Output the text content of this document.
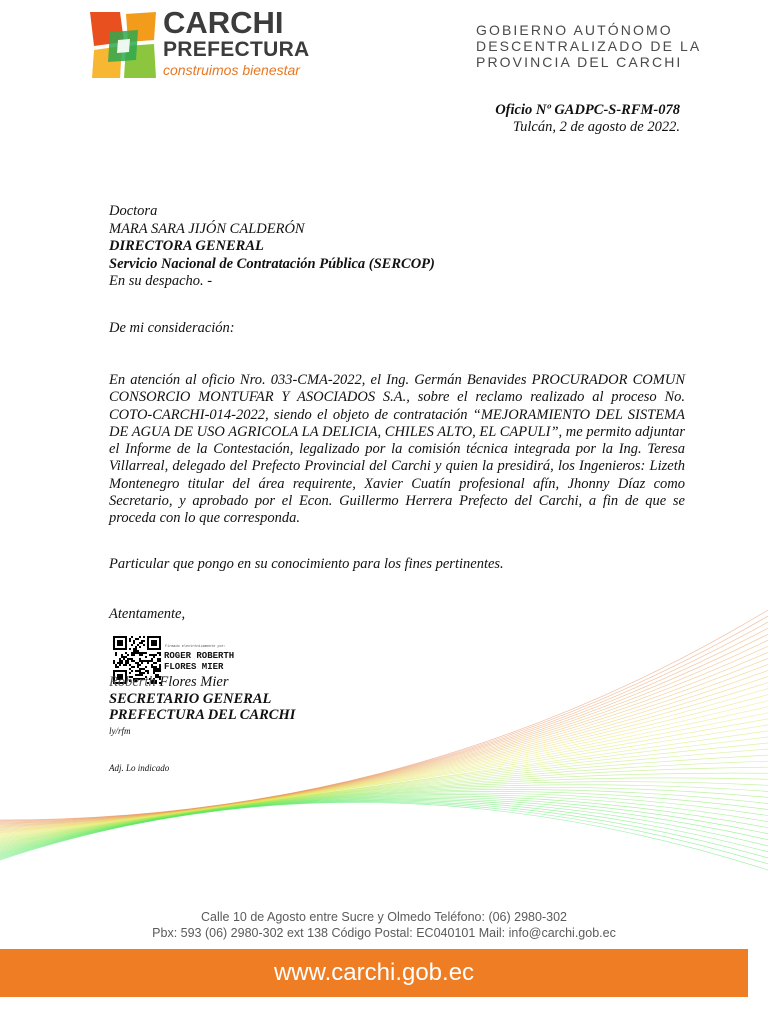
CARCHI
PREFECTURA
construimos bienestar
GOBIERNO AUTÓNOMO
DESCENTRALIZADO DE LA
PROVINCIA DEL CARCHI
Oficio Nº GADPC-S-RFM-078
Tulcán, 2 de agosto de 2022.
Doctora
MARA SARA JIJÓN CALDERÓN
DIRECTORA GENERAL
Servicio Nacional de Contratación Pública (SERCOP)
En su despacho. -
De mi consideración:
En atención al oficio Nro. 033-CMA-2022, el Ing. Germán Benavides PROCURADOR COMUN CONSORCIO MONTUFAR Y ASOCIADOS S.A., sobre el reclamo realizado al proceso No. COTO-CARCHI-014-2022, siendo el objeto de contratación “MEJORAMIENTO DEL SISTEMA DE AGUA DE USO AGRICOLA LA DELICIA, CHILES ALTO, EL CAPULI”, me permito adjuntar el Informe de la Contestación, legalizado por la comisión técnica integrada por la Ing. Teresa Villarreal, delegado del Prefecto Provincial del Carchi y quien la presidirá, los Ingenieros: Lizeth Montenegro titular del área requirente, Xavier Cuatín profesional afín, Jhonny Díaz como Secretario, y aprobado por el Econ. Guillermo Herrera Prefecto del Carchi, a fin de que se proceda con lo que corresponda.
Particular que pongo en su conocimiento para los fines pertinentes.
Atentamente,
Firmado electrónicamente por:
ROGER ROBERTH
FLORES MIER
Roberth Flores Mier
SECRETARIO GENERAL
PREFECTURA DEL CARCHI
ly/rfm
Adj. Lo indicado
Calle 10 de Agosto entre Sucre y Olmedo Teléfono: (06) 2980-302
Pbx: 593 (06) 2980-302 ext 138 Código Postal: EC040101 Mail: info@carchi.gob.ec
www.carchi.gob.ec
